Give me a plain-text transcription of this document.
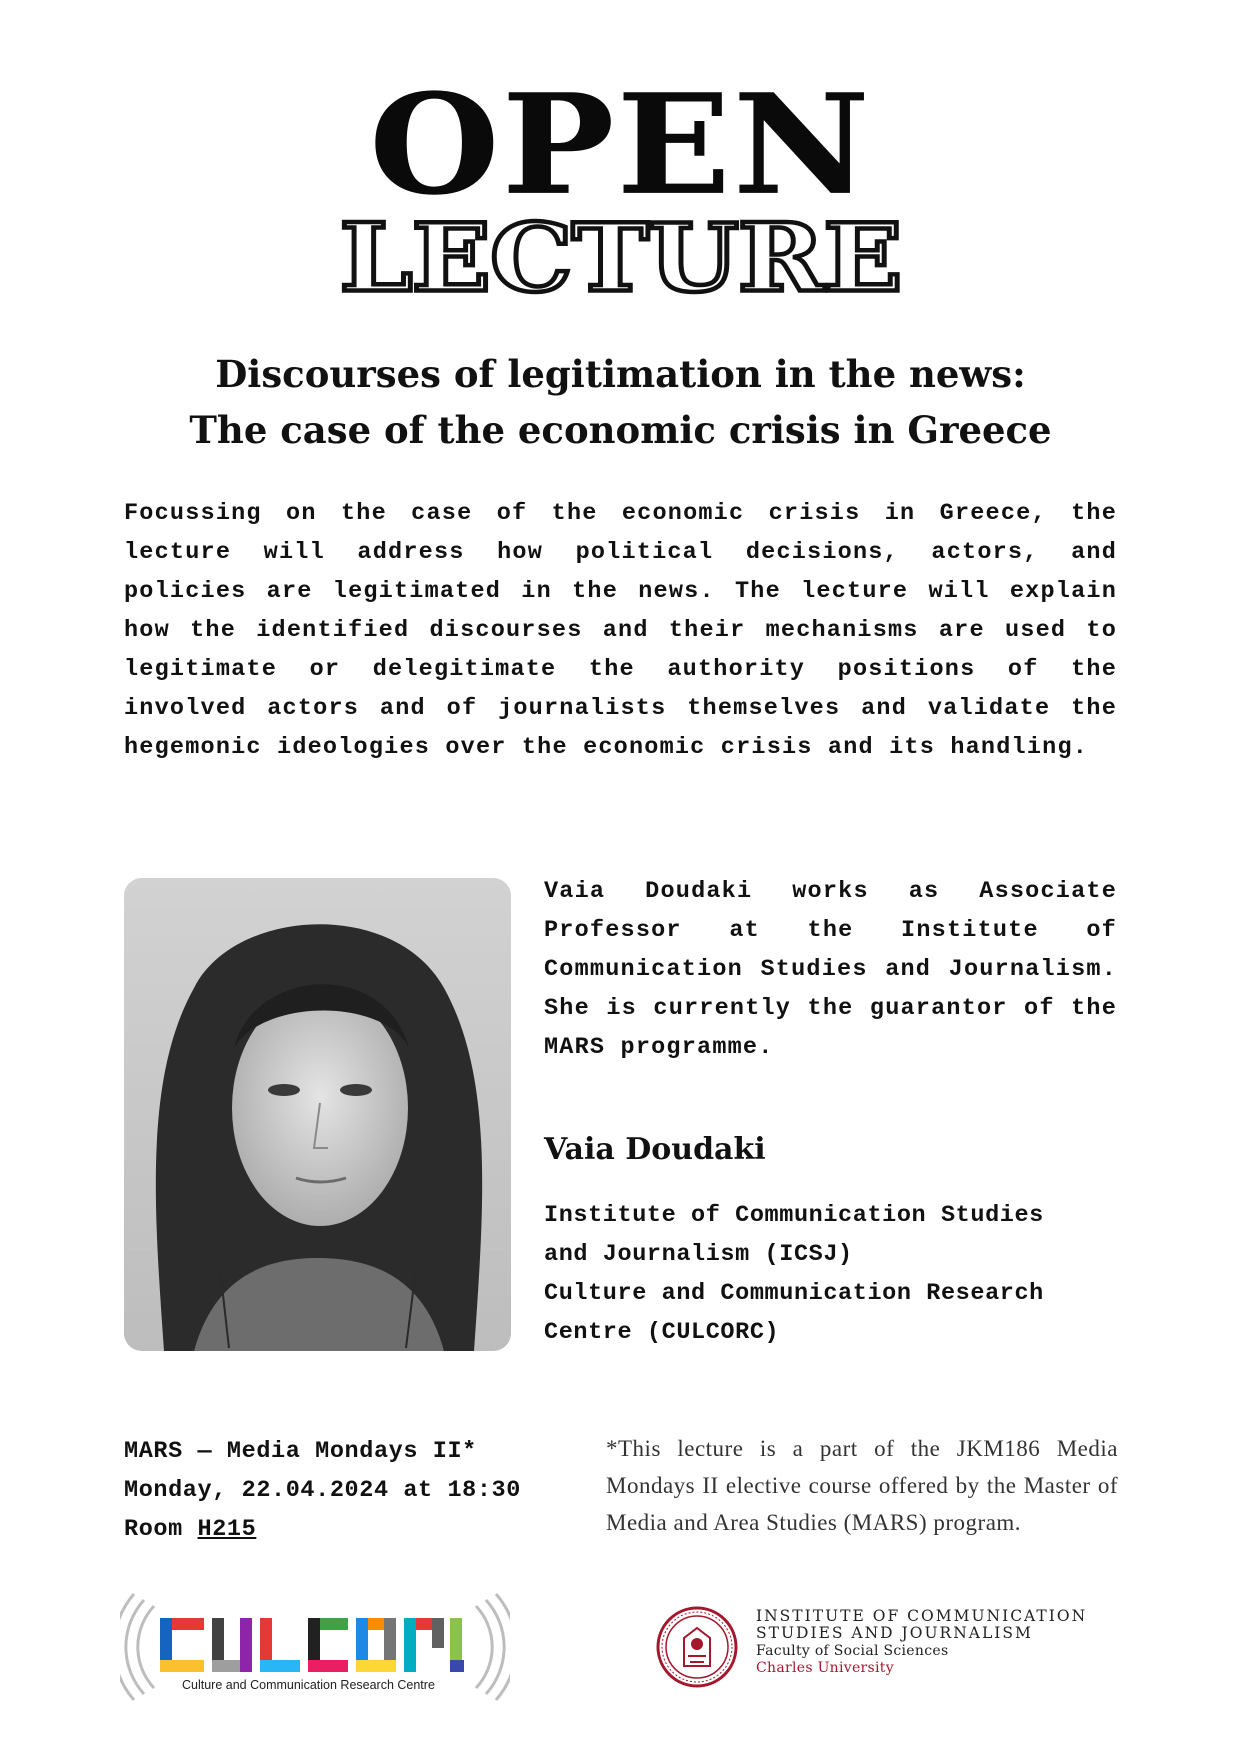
OPEN
LECTURE
Discourses of legitimation in the news:
The case of the economic crisis in Greece
Focussing on the case of the economic crisis in Greece, the lecture will address how political decisions, actors, and policies are legitimated in the news. The lecture will explain how the identified discourses and their mechanisms are used to legitimate or delegitimate the authority positions of the involved actors and of journalists themselves and validate the hegemonic ideologies over the economic crisis and its handling.
Vaia Doudaki works as Associate Professor at the Institute of Communication Studies and Journalism. She is currently the guarantor of the MARS programme.
Vaia Doudaki
Institute of Communication Studies
and Journalism (ICSJ)
Culture and Communication Research
Centre (CULCORC)
MARS — Media Mondays II*
Monday, 22.04.2024 at 18:30
Room H215
*This lecture is a part of the JKM186 Media Mondays II elective course offered by the Master of Media and Area Studies (MARS) program.
Culture and Communication Research Centre
INSTITUTE OF COMMUNICATION
STUDIES AND JOURNALISM
Faculty of Social Sciences
Charles University
